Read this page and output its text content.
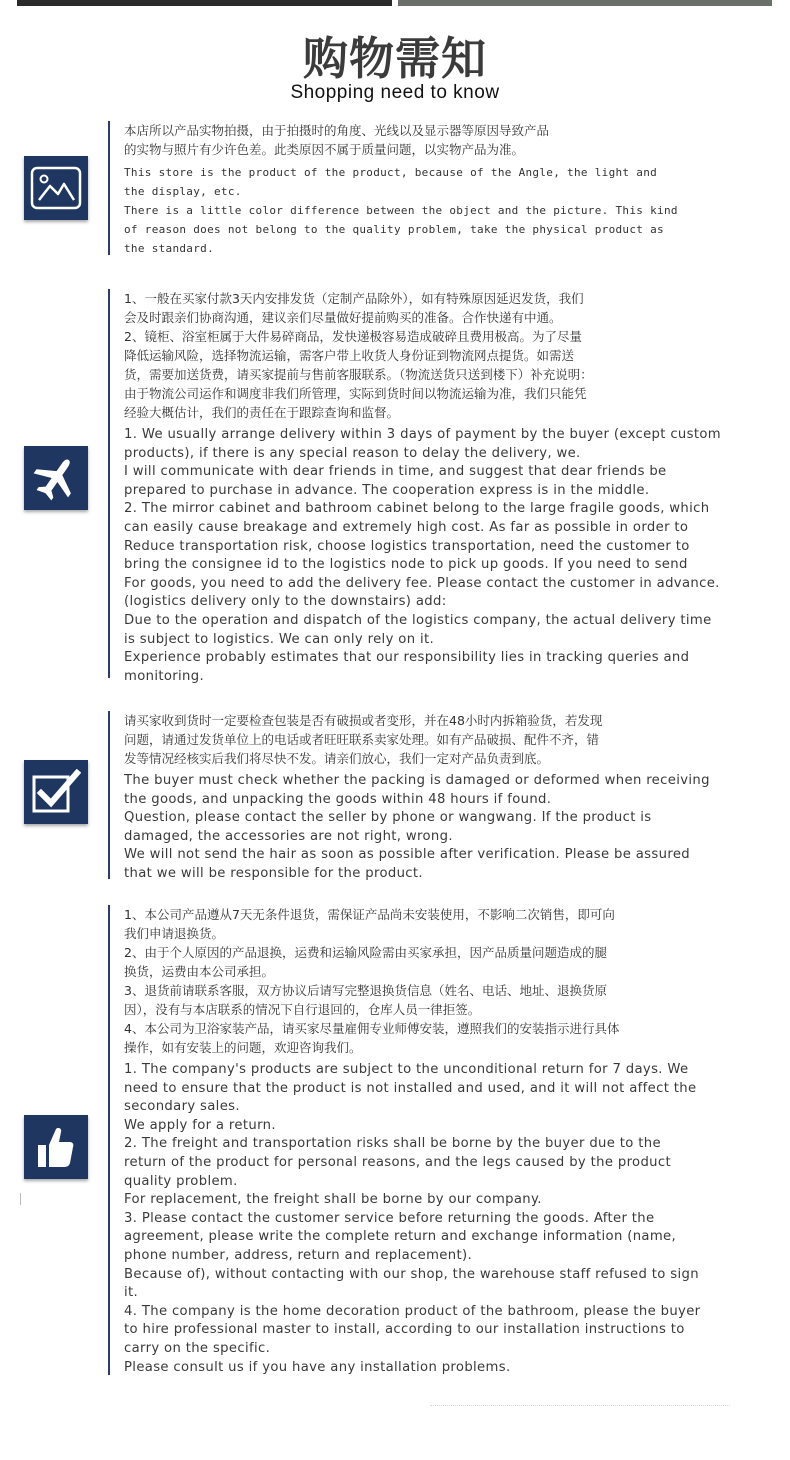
购物需知
Shopping need to know

本店所以产品实物拍摄，由于拍摄时的角度、光线以及显示器等原因导致产品
的实物与照片有少许色差。此类原因不属于质量问题，以实物产品为准。

This store is the product of the product, because of the Angle, the light and
the display, etc.
There is a little color difference between the object and the picture. This kind
of reason does not belong to the quality problem, take the physical product as
the standard.

1、一般在买家付款3天内安排发货（定制产品除外），如有特殊原因延迟发货，我们
会及时跟亲们协商沟通，建议亲们尽量做好提前购买的准备。合作快递有中通。
2、镜柜、浴室柜属于大件易碎商品，发快递极容易造成破碎且费用极高。为了尽量
降低运输风险，选择物流运输，需客户带上收货人身份证到物流网点提货。如需送
货，需要加送货费，请买家提前与售前客服联系。（物流送货只送到楼下）补充说明：
由于物流公司运作和调度非我们所管理，实际到货时间以物流运输为准，我们只能凭
经验大概估计，我们的责任在于跟踪查询和监督。

1. We usually arrange delivery within 3 days of payment by the buyer (except custom
products), if there is any special reason to delay the delivery, we.
I will communicate with dear friends in time, and suggest that dear friends be
prepared to purchase in advance. The cooperation express is in the middle.
2. The mirror cabinet and bathroom cabinet belong to the large fragile goods, which
can easily cause breakage and extremely high cost. As far as possible in order to
Reduce transportation risk, choose logistics transportation, need the customer to
bring the consignee id to the logistics node to pick up goods. If you need to send
For goods, you need to add the delivery fee. Please contact the customer in advance.
(logistics delivery only to the downstairs) add:
Due to the operation and dispatch of the logistics company, the actual delivery time
is subject to logistics. We can only rely on it.
Experience probably estimates that our responsibility lies in tracking queries and
monitoring.

请买家收到货时一定要检查包装是否有破损或者变形，并在48小时内拆箱验货，若发现
问题，请通过发货单位上的电话或者旺旺联系卖家处理。如有产品破损、配件不齐，错
发等情况经核实后我们将尽快不发。请亲们放心，我们一定对产品负责到底。

The buyer must check whether the packing is damaged or deformed when receiving
the goods, and unpacking the goods within 48 hours if found.
Question, please contact the seller by phone or wangwang. If the product is
damaged, the accessories are not right, wrong.
We will not send the hair as soon as possible after verification. Please be assured
that we will be responsible for the product.

1、本公司产品遵从7天无条件退货，需保证产品尚未安装使用，不影响二次销售，即可向
我们申请退换货。
2、由于个人原因的产品退换，运费和运输风险需由买家承担，因产品质量问题造成的腿
换货，运费由本公司承担。
3、退货前请联系客服，双方协议后请写完整退换货信息（姓名、电话、地址、退换货原
因），没有与本店联系的情况下自行退回的，仓库人员一律拒签。
4、本公司为卫浴家装产品，请买家尽量雇佣专业师傅安装，遵照我们的安装指示进行具体
操作，如有安装上的问题，欢迎咨询我们。

1. The company's products are subject to the unconditional return for 7 days. We
need to ensure that the product is not installed and used, and it will not affect the
secondary sales.
We apply for a return.
2. The freight and transportation risks shall be borne by the buyer due to the
return of the product for personal reasons, and the legs caused by the product
quality problem.
For replacement, the freight shall be borne by our company.
3. Please contact the customer service before returning the goods. After the
agreement, please write the complete return and exchange information (name,
phone number, address, return and replacement).
Because of), without contacting with our shop, the warehouse staff refused to sign
it.
4. The company is the home decoration product of the bathroom, please the buyer
to hire professional master to install, according to our installation instructions to
carry on the specific.
Please consult us if you have any installation problems.
